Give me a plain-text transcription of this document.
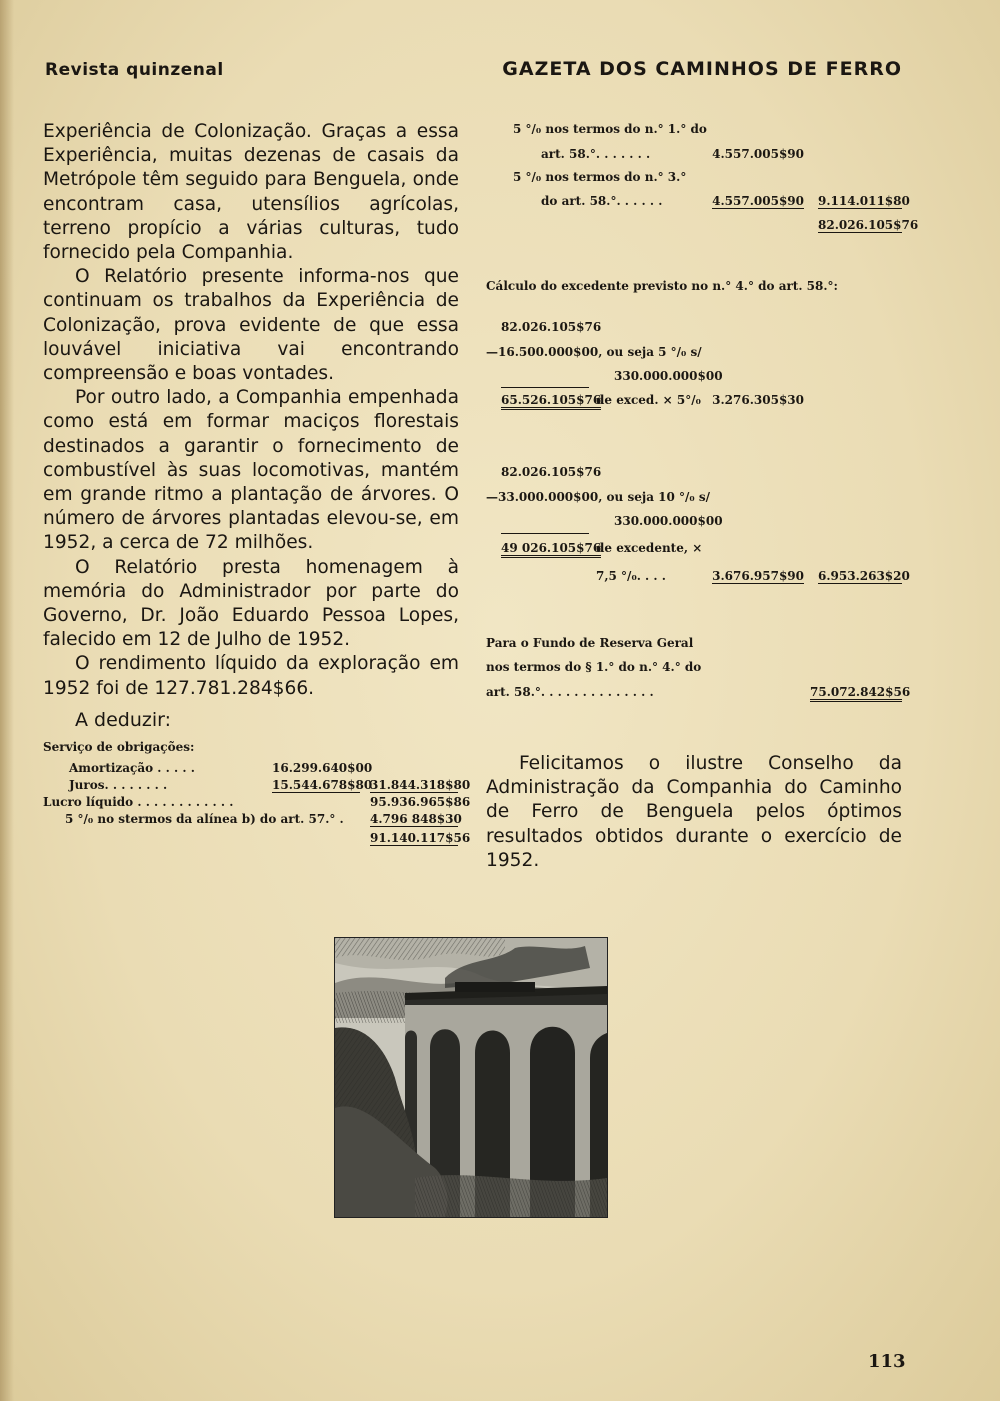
Revista quinzenal	GAZETA DOS CAMINHOS DE FERRO

Experiência de Colonização. Graças a essa Experiência, muitas dezenas de casais da Metrópole têm seguido para Benguela, onde encontram casa, utensílios agrícolas, terreno propício a várias culturas, tudo fornecido pela Companhia.

O Relatório presente informa-nos que continuam os trabalhos da Experiência de Colonização, prova evidente de que essa louvável iniciativa vai encontrando compreensão e boas vontades.

Por outro lado, a Companhia empenhada como está em formar maciços florestais destinados a garantir o fornecimento de combustível às suas locomotivas, mantém em grande ritmo a plantação de árvores. O número de árvores plantadas elevou-se, em 1952, a cerca de 72 milhões.

O Relatório presta homenagem à memória do Administrador por parte do Governo, Dr. João Eduardo Pessoa Lopes, falecido em 12 de Julho de 1952.

O rendimento líquido da exploração em 1952 foi de 127.781.284$66.

A deduzir:
Serviço de obrigações:
Amortização . . . . .	16.299.640$00
Juros. . . . . . . .	15.544.678$80
31.844.318$80
Lucro líquido . . . . . . . . . . . .	95.936.965$86
5 °/₀ no stermos da alínea b) do art. 57.° . 4.796 848$30
91.140.117$56
5 °/₀ nos termos do n.° 1.° do
art. 58.°. . . . . . .	4.557.005$90
5 °/₀ nos termos do n.° 3.°
do art. 58.°. . . . . .	4.557.005$90 9.114.011$80
82.026.105$76
Cálculo do excedente previsto no n.° 4.° do art. 58.°:
82.026.105$76
—16.500.000$00, ou seja 5 °/₀ s/
330.000.000$00
65.526.105$76
de exced. × 5°/₀ 3.276.305$30
82.026.105$76
—33.000.000$00, ou seja 10 °/₀ s/
330.000.000$00
49 026.105$76
de excedente, ×
7,5 °/₀. . . .	3.676.957$90 6.953.263$20
Para o Fundo de Reserva Geral
nos termos do § 1.° do n.° 4.° do
art. 58.°. . . . . . . . . . . . . .	75.072.842$56

Felicitamos o ilustre Conselho da Administração da Companhia do Caminho de Ferro de Benguela pelos óptimos resultados obtidos durante o exercício de 1952.

113
